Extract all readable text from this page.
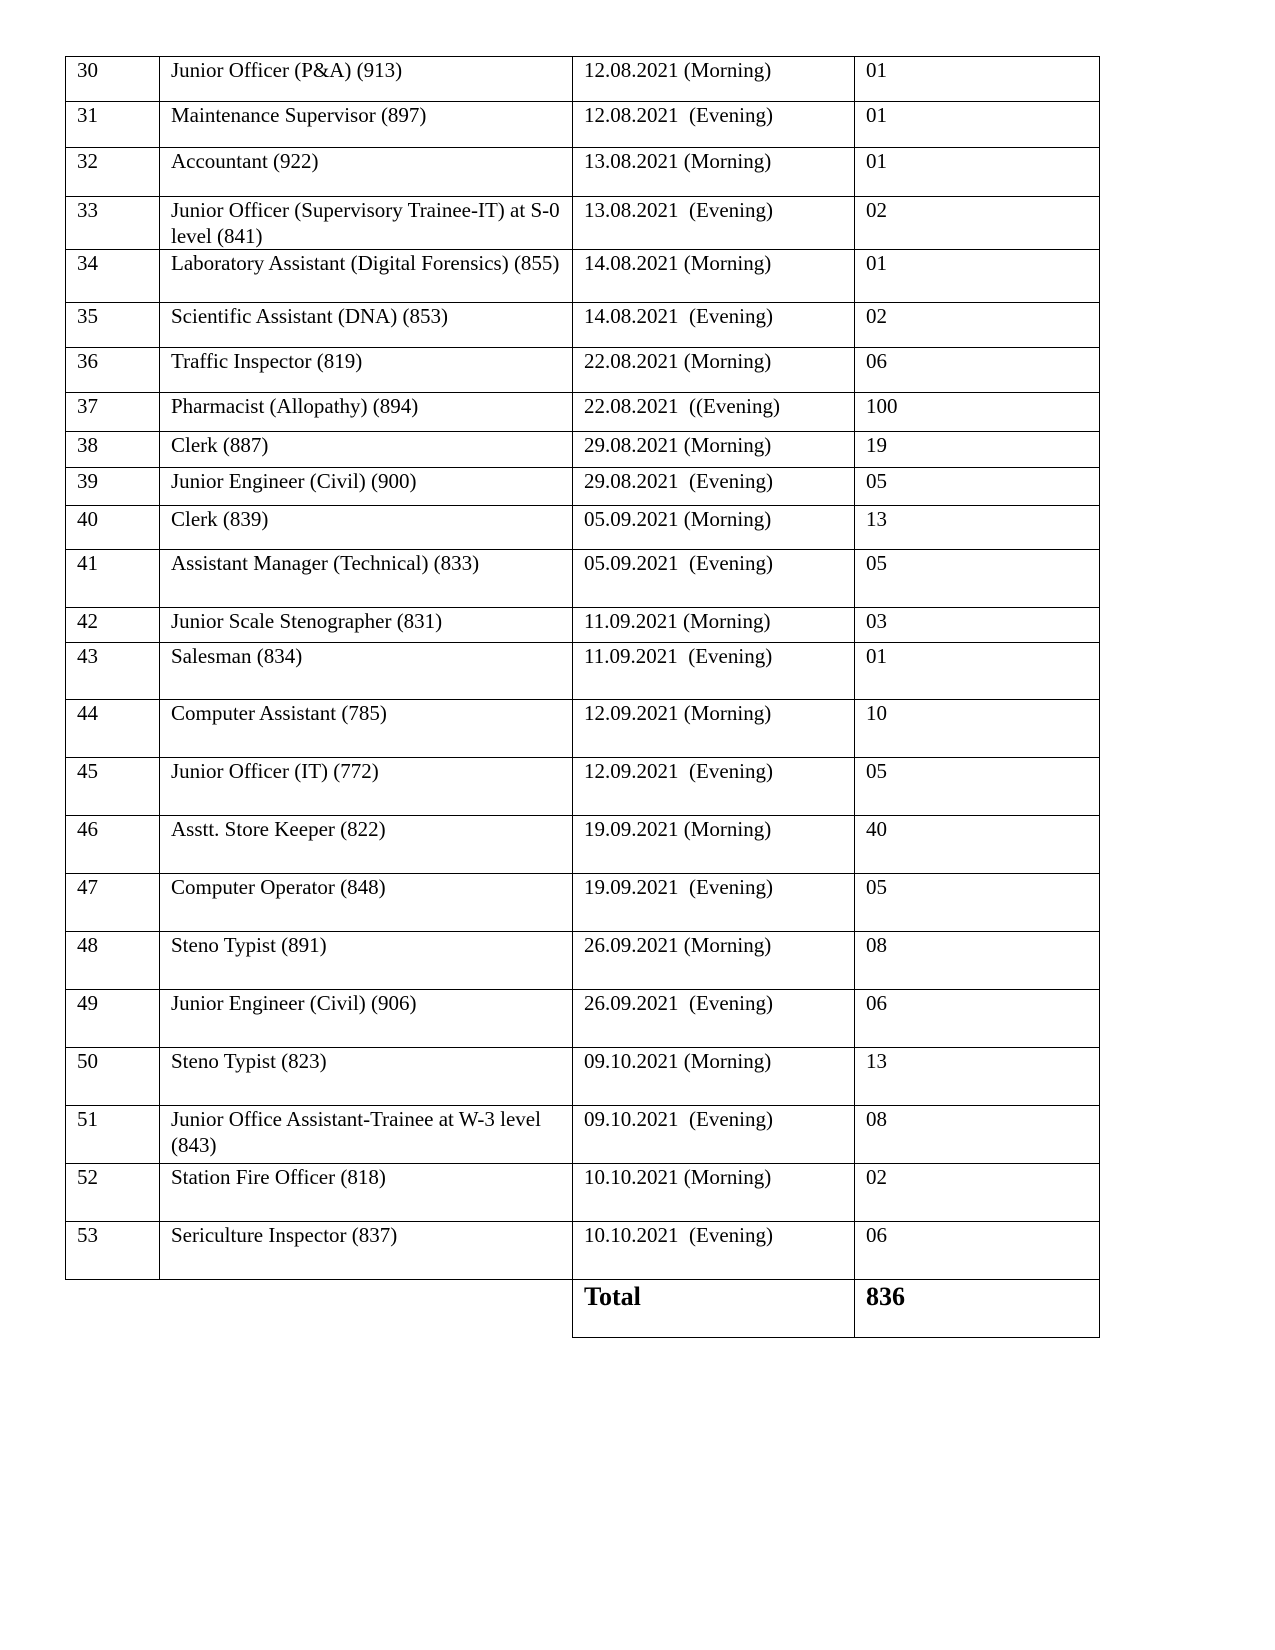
30	Junior Officer (P&A) (913)	12.08.2021 (Morning)	01
31	Maintenance Supervisor (897)	12.08.2021  (Evening)	01
32	Accountant (922)	13.08.2021 (Morning)	01
33	Junior Officer (Supervisory Trainee-IT) at S-0 level (841)	13.08.2021  (Evening)	02
34	Laboratory Assistant (Digital Forensics) (855)	14.08.2021 (Morning)	01
35	Scientific Assistant (DNA) (853)	14.08.2021  (Evening)	02
36	Traffic Inspector (819)	22.08.2021 (Morning)	06
37	Pharmacist (Allopathy) (894)	22.08.2021  ((Evening)	100
38	Clerk (887)	29.08.2021 (Morning)	19
39	Junior Engineer (Civil) (900)	29.08.2021  (Evening)	05
40	Clerk (839)	05.09.2021 (Morning)	13
41	Assistant Manager (Technical) (833)	05.09.2021  (Evening)	05
42	Junior Scale Stenographer (831)	11.09.2021 (Morning)	03
43	Salesman (834)	11.09.2021  (Evening)	01
44	Computer Assistant (785)	12.09.2021 (Morning)	10
45	Junior Officer (IT) (772)	12.09.2021  (Evening)	05
46	Asstt. Store Keeper (822)	19.09.2021 (Morning)	40
47	Computer Operator (848)	19.09.2021  (Evening)	05
48	Steno Typist (891)	26.09.2021 (Morning)	08
49	Junior Engineer (Civil) (906)	26.09.2021  (Evening)	06
50	Steno Typist (823)	09.10.2021 (Morning)	13
51	Junior Office Assistant-Trainee at W-3 level (843)	09.10.2021  (Evening)	08
52	Station Fire Officer (818)	10.10.2021 (Morning)	02
53	Sericulture Inspector (837)	10.10.2021  (Evening)	06
		Total	836
